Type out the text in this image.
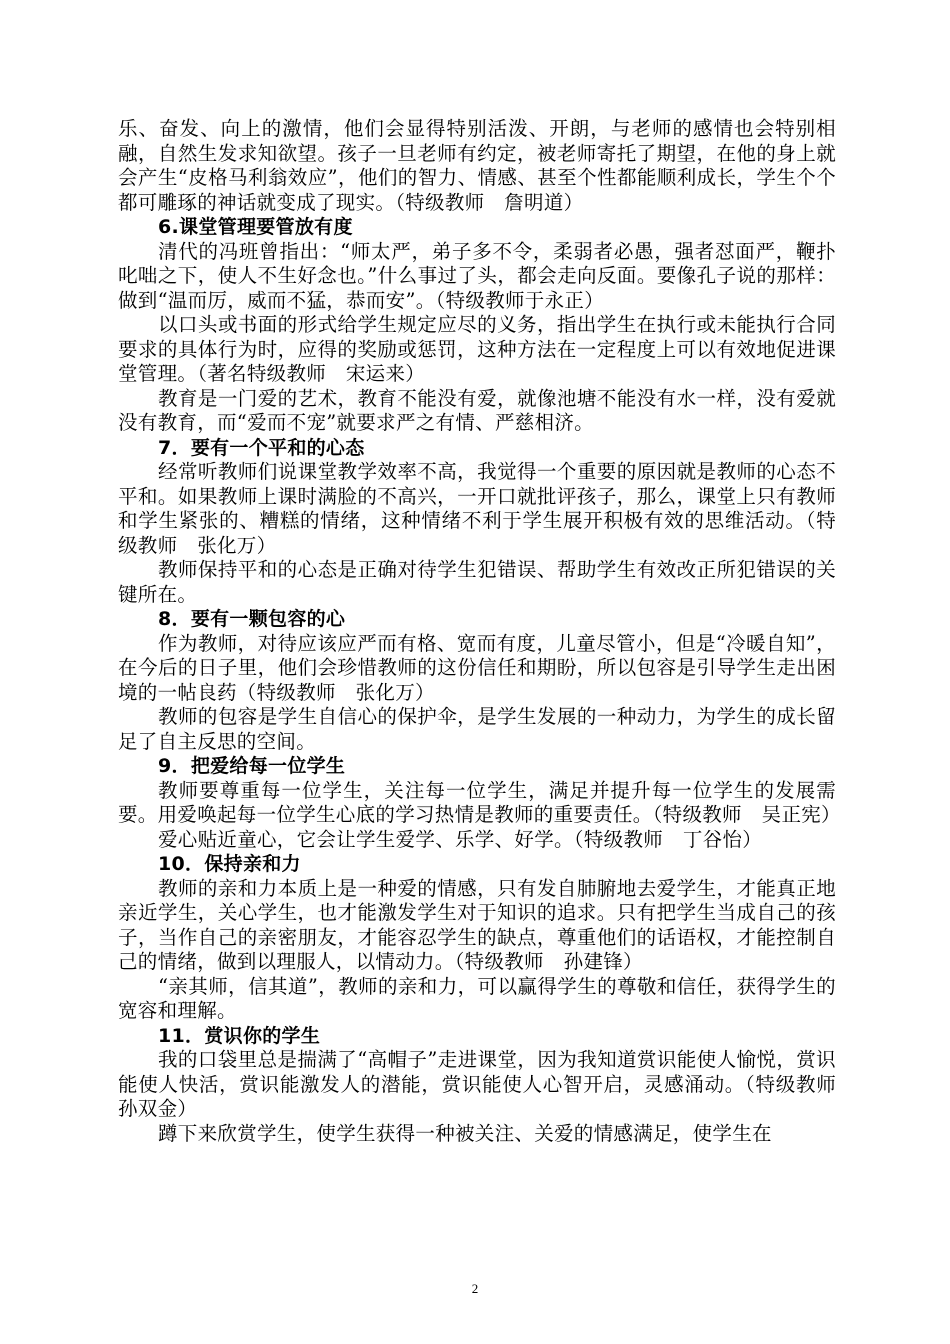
乐、奋发、向上的激情，他们会显得特别活泼、开朗，与老师的感情也会特别相融，自然生发求知欲望。孩子一旦老师有约定，被老师寄托了期望，在他的身上就会产生“皮格马利翁效应”，他们的智力、情感、甚至个性都能顺利成长，学生个个都可雕琢的神话就变成了现实。（特级教师　詹明道）

6.课堂管理要管放有度

清代的冯班曾指出：“师太严，弟子多不令，柔弱者必愚，强者怼面严，鞭扑叱咄之下，使人不生好念也。”什么事过了头，都会走向反面。要像孔子说的那样：做到“温而厉，威而不猛，恭而安”。（特级教师于永正）

以口头或书面的形式给学生规定应尽的义务，指出学生在执行或未能执行合同要求的具体行为时，应得的奖励或惩罚，这种方法在一定程度上可以有效地促进课堂管理。（著名特级教师　宋运来）

教育是一门爱的艺术，教育不能没有爱，就像池塘不能没有水一样，没有爱就没有教育，而“爱而不宠”就要求严之有情、严慈相济。

7．要有一个平和的心态

经常听教师们说课堂教学效率不高，我觉得一个重要的原因就是教师的心态不平和。如果教师上课时满脸的不高兴，一开口就批评孩子，那么，课堂上只有教师和学生紧张的、糟糕的情绪，这种情绪不利于学生展开积极有效的思维活动。（特级教师　张化万）

教师保持平和的心态是正确对待学生犯错误、帮助学生有效改正所犯错误的关键所在。

8．要有一颗包容的心

作为教师，对待应该应严而有格、宽而有度，儿童尽管小，但是“冷暖自知”，在今后的日子里，他们会珍惜教师的这份信任和期盼，所以包容是引导学生走出困境的一帖良药（特级教师　张化万）

教师的包容是学生自信心的保护伞，是学生发展的一种动力，为学生的成长留足了自主反思的空间。

9．把爱给每一位学生

教师要尊重每一位学生，关注每一位学生，满足并提升每一位学生的发展需要。用爱唤起每一位学生心底的学习热情是教师的重要责任。（特级教师　吴正宪）

爱心贴近童心，它会让学生爱学、乐学、好学。（特级教师　丁谷怡）

10．保持亲和力

教师的亲和力本质上是一种爱的情感，只有发自肺腑地去爱学生，才能真正地亲近学生，关心学生，也才能激发学生对于知识的追求。只有把学生当成自己的孩子，当作自己的亲密朋友，才能容忍学生的缺点，尊重他们的话语权，才能控制自己的情绪，做到以理服人，以情动力。（特级教师　孙建锋）

“亲其师，信其道”，教师的亲和力，可以赢得学生的尊敬和信任，获得学生的宽容和理解。

11．赏识你的学生

我的口袋里总是揣满了“高帽子”走进课堂，因为我知道赏识能使人愉悦，赏识能使人快活，赏识能激发人的潜能，赏识能使人心智开启，灵感涌动。（特级教师　孙双金）

蹲下来欣赏学生，使学生获得一种被关注、关爱的情感满足，使学生在

2
